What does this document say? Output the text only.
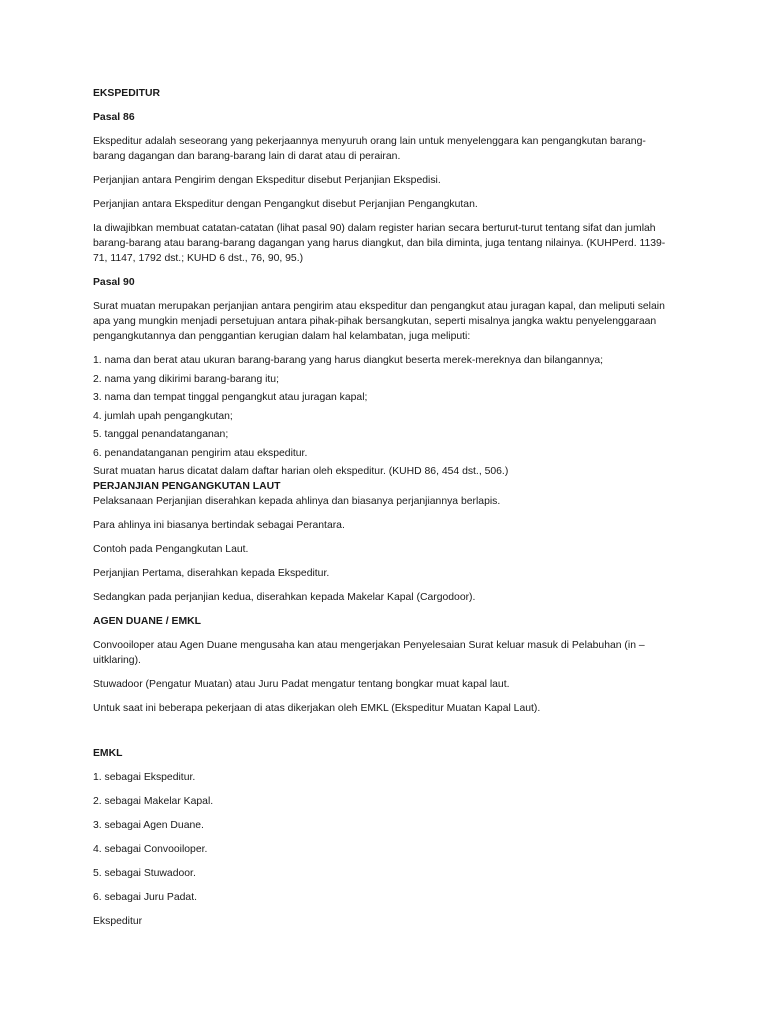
EKSPEDITUR
Pasal 86
Ekspeditur adalah seseorang yang pekerjaannya menyuruh orang lain untuk menyelenggara kan pengangkutan barang-barang dagangan dan barang-barang lain di darat atau di perairan.
Perjanjian antara Pengirim dengan Ekspeditur disebut Perjanjian Ekspedisi.
Perjanjian antara Ekspeditur dengan Pengangkut disebut Perjanjian Pengangkutan.
Ia diwajibkan membuat catatan-catatan (lihat pasal 90) dalam register harian secara berturut-turut tentang sifat dan jumlah barang-barang atau barang-barang dagangan yang harus diangkut, dan bila diminta, juga tentang nilainya. (KUHPerd. 1139-71, 1147, 1792 dst.; KUHD 6 dst., 76, 90, 95.)
Pasal 90
Surat muatan merupakan perjanjian antara pengirim atau ekspeditur dan pengangkut atau juragan kapal, dan meliputi selain apa yang mungkin menjadi persetujuan antara pihak-pihak bersangkutan, seperti misalnya jangka waktu penyelenggaraan pengangkutannya dan penggantian kerugian dalam hal kelambatan, juga meliputi:
1. nama dan berat atau ukuran barang-barang yang harus diangkut beserta merek-mereknya dan bilangannya;
2. nama yang dikirimi barang-barang itu;
3. nama dan tempat tinggal pengangkut atau juragan kapal;
4. jumlah upah pengangkutan;
5. tanggal penandatanganan;
6. penandatanganan pengirim atau ekspeditur.
Surat muatan harus dicatat dalam daftar harian oleh ekspeditur. (KUHD 86, 454 dst., 506.)
PERJANJIAN PENGANGKUTAN LAUT
Pelaksanaan Perjanjian diserahkan kepada ahlinya dan biasanya perjanjiannya berlapis.
Para ahlinya ini biasanya bertindak sebagai Perantara.
Contoh pada Pengangkutan Laut.
Perjanjian Pertama, diserahkan kepada Ekspeditur.
Sedangkan pada perjanjian kedua, diserahkan kepada Makelar Kapal (Cargodoor).
AGEN DUANE / EMKL
Convooiloper atau Agen Duane mengusaha kan atau mengerjakan Penyelesaian Surat keluar masuk di Pelabuhan (in – uitklaring).
Stuwadoor (Pengatur Muatan) atau Juru Padat mengatur tentang bongkar muat kapal laut.
Untuk saat ini beberapa pekerjaan di atas dikerjakan oleh EMKL (Ekspeditur Muatan Kapal Laut).
EMKL
1. sebagai Ekspeditur.
2. sebagai Makelar Kapal.
3. sebagai Agen Duane.
4. sebagai Convooiloper.
5. sebagai Stuwadoor.
6. sebagai Juru Padat.
Ekspeditur
